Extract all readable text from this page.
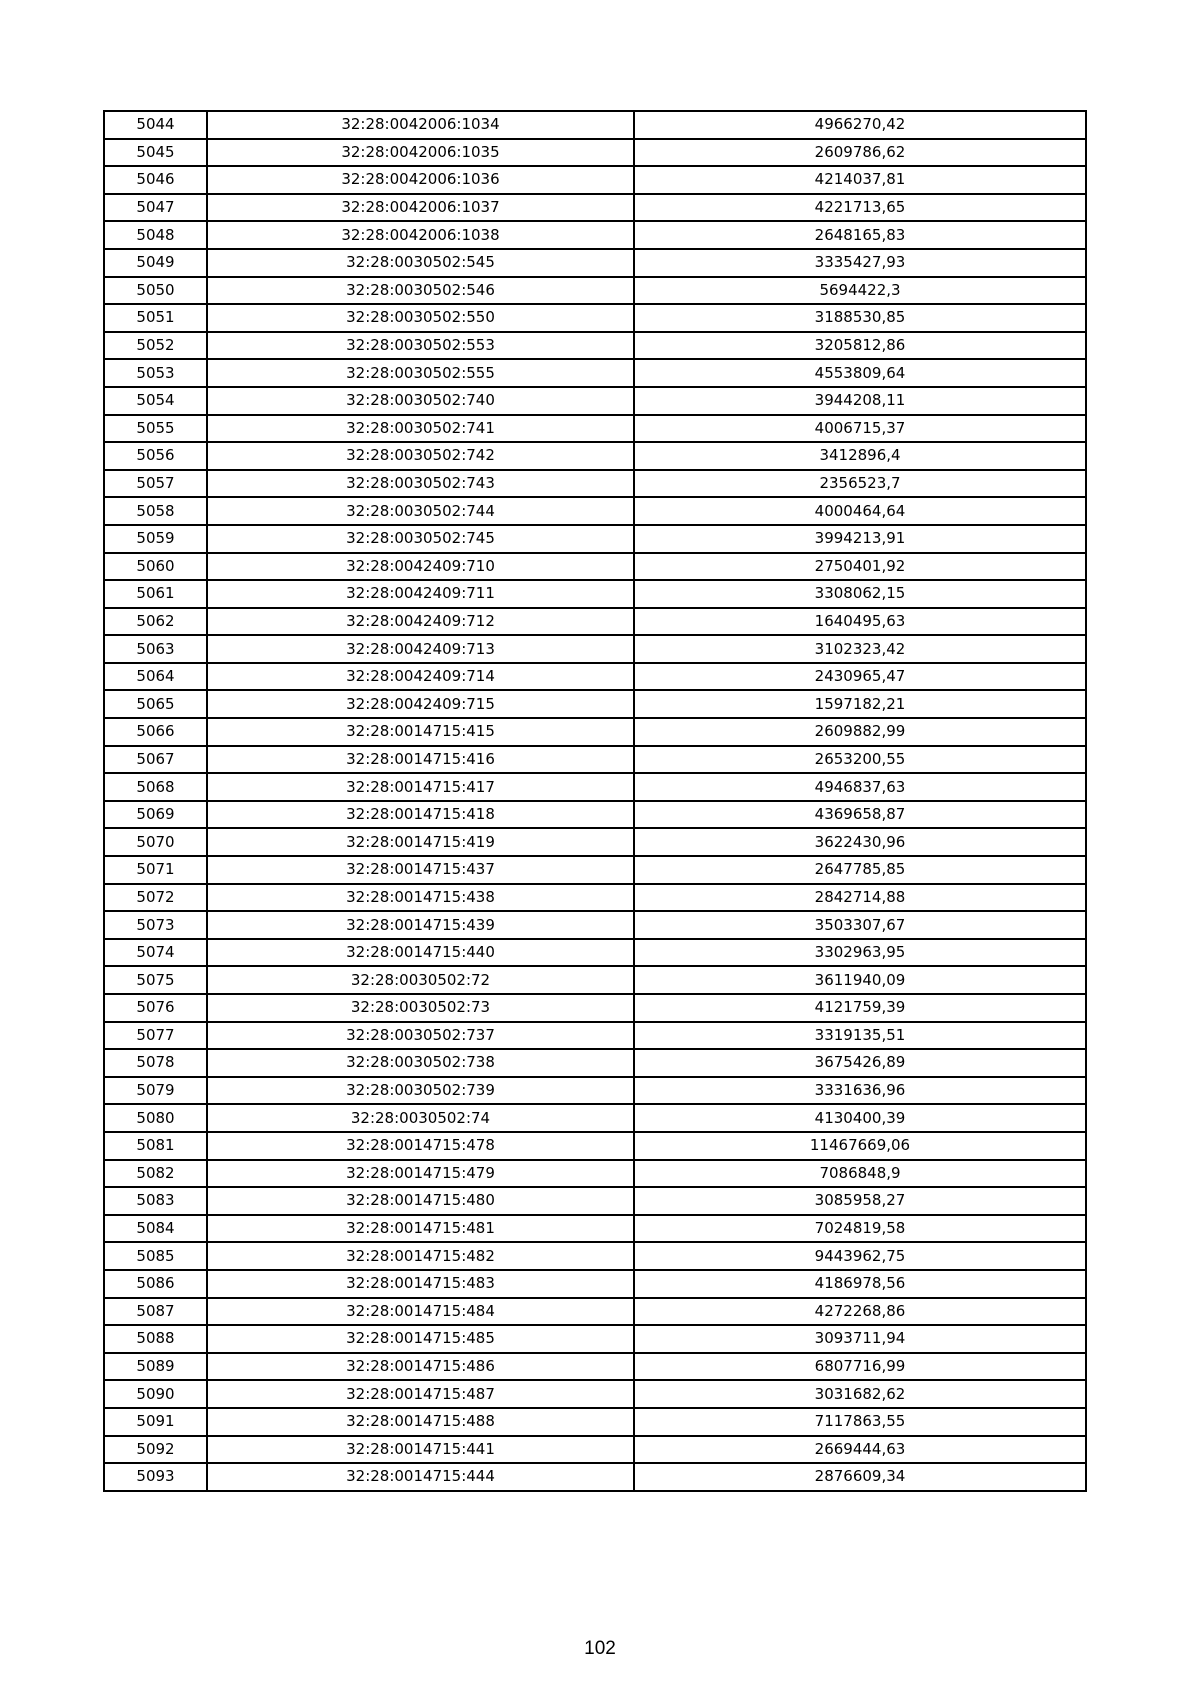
5044	32:28:0042006:1034	4966270,42
5045	32:28:0042006:1035	2609786,62
5046	32:28:0042006:1036	4214037,81
5047	32:28:0042006:1037	4221713,65
5048	32:28:0042006:1038	2648165,83
5049	32:28:0030502:545	3335427,93
5050	32:28:0030502:546	5694422,3
5051	32:28:0030502:550	3188530,85
5052	32:28:0030502:553	3205812,86
5053	32:28:0030502:555	4553809,64
5054	32:28:0030502:740	3944208,11
5055	32:28:0030502:741	4006715,37
5056	32:28:0030502:742	3412896,4
5057	32:28:0030502:743	2356523,7
5058	32:28:0030502:744	4000464,64
5059	32:28:0030502:745	3994213,91
5060	32:28:0042409:710	2750401,92
5061	32:28:0042409:711	3308062,15
5062	32:28:0042409:712	1640495,63
5063	32:28:0042409:713	3102323,42
5064	32:28:0042409:714	2430965,47
5065	32:28:0042409:715	1597182,21
5066	32:28:0014715:415	2609882,99
5067	32:28:0014715:416	2653200,55
5068	32:28:0014715:417	4946837,63
5069	32:28:0014715:418	4369658,87
5070	32:28:0014715:419	3622430,96
5071	32:28:0014715:437	2647785,85
5072	32:28:0014715:438	2842714,88
5073	32:28:0014715:439	3503307,67
5074	32:28:0014715:440	3302963,95
5075	32:28:0030502:72	3611940,09
5076	32:28:0030502:73	4121759,39
5077	32:28:0030502:737	3319135,51
5078	32:28:0030502:738	3675426,89
5079	32:28:0030502:739	3331636,96
5080	32:28:0030502:74	4130400,39
5081	32:28:0014715:478	11467669,06
5082	32:28:0014715:479	7086848,9
5083	32:28:0014715:480	3085958,27
5084	32:28:0014715:481	7024819,58
5085	32:28:0014715:482	9443962,75
5086	32:28:0014715:483	4186978,56
5087	32:28:0014715:484	4272268,86
5088	32:28:0014715:485	3093711,94
5089	32:28:0014715:486	6807716,99
5090	32:28:0014715:487	3031682,62
5091	32:28:0014715:488	7117863,55
5092	32:28:0014715:441	2669444,63
5093	32:28:0014715:444	2876609,34
102
